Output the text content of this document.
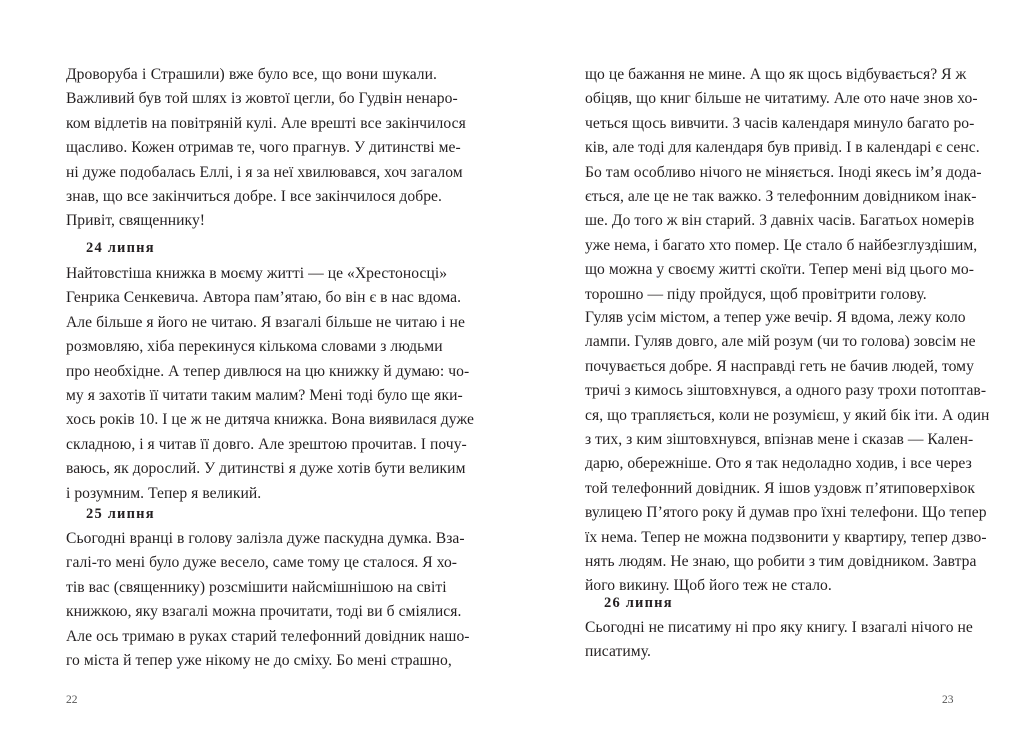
Дроворуба і Страшили) вже було все, що вони шукали.
Важливий був той шлях із жовтої цегли, бо Гудвін ненаро-
ком відлетів на повітряній кулі. Але врешті все закінчилося
щасливо. Кожен отримав те, чого прагнув. У дитинстві ме-
ні дуже подобалась Еллі, і я за неї хвилювався, хоч загалом
знав, що все закінчиться добре. І все закінчилося добре.
Привіт, священнику!
24 липня
Найтовстіша книжка в моєму житті — це «Хрестоносці»
Генрика Сенкевича. Автора пам’ятаю, бо він є в нас вдома.
Але більше я його не читаю. Я взагалі більше не читаю і не
розмовляю, хіба перекинуся кількома словами з людьми
про необхідне. А тепер дивлюся на цю книжку й думаю: чо-
му я захотів її читати таким малим? Мені тоді було ще яки-
хось років 10. І це ж не дитяча книжка. Вона виявилася дуже
складною, і я читав її довго. Але зрештою прочитав. І почу-
ваюсь, як дорослий. У дитинстві я дуже хотів бути великим
і розумним. Тепер я великий.
25 липня
Сьогодні вранці в голову залізла дуже паскудна думка. Взa-
галі-то мені було дуже весело, саме тому це сталося. Я хо-
тів вас (священнику) розсмішити найсмішнішою на світі
книжкою, яку взагалі можна прочитати, тоді ви б сміялися.
Але ось тримаю в руках старий телефонний довідник нашо-
го міста й тепер уже нікому не до сміху. Бо мені страшно,
22
що це бажання не мине. А що як щось відбувається? Я ж
обіцяв, що книг більше не читатиму. Але ото наче знов хо-
четься щось вивчити. З часів календаря минуло багато ро-
ків, але тоді для календаря був привід. І в календарі є сенс.
Бо там особливо нічого не міняється. Іноді якесь ім’я дода-
ється, але це не так важко. З телефонним довідником інак-
ше. До того ж він старий. З давніх часів. Багатьох номерів
уже нема, і багато хто помер. Це стало б найбезглуздішим,
що можна у своєму житті скоїти. Тепер мені від цього мо-
торошно — піду пройдуся, щоб провітрити голову.
Гуляв усім містом, а тепер уже вечір. Я вдома, лежу коло
лампи. Гуляв довго, але мій розум (чи то голова) зовсім не
почувається добре. Я насправді геть не бачив людей, тому
тричі з кимось зіштовхнувся, а одного разу трохи потоптав-
ся, що трапляється, коли не розумієш, у який бік іти. А один
з тих, з ким зіштовхнувся, впізнав мене і сказав — Кален-
дарю, обережніше. Ото я так недоладно ходив, і все через
той телефонний довідник. Я ішов уздовж п’ятиповерхівок
вулицею П’ятого року й думав про їхні телефони. Що тепер
їх нема. Тепер не можна подзвонити у квартиру, тепер дзво-
нять людям. Не знаю, що робити з тим довідником. Завтра
його викину. Щоб його теж не стало.
26 липня
Сьогодні не писатиму ні про яку книгу. І взагалі нічого не
писатиму.
23
